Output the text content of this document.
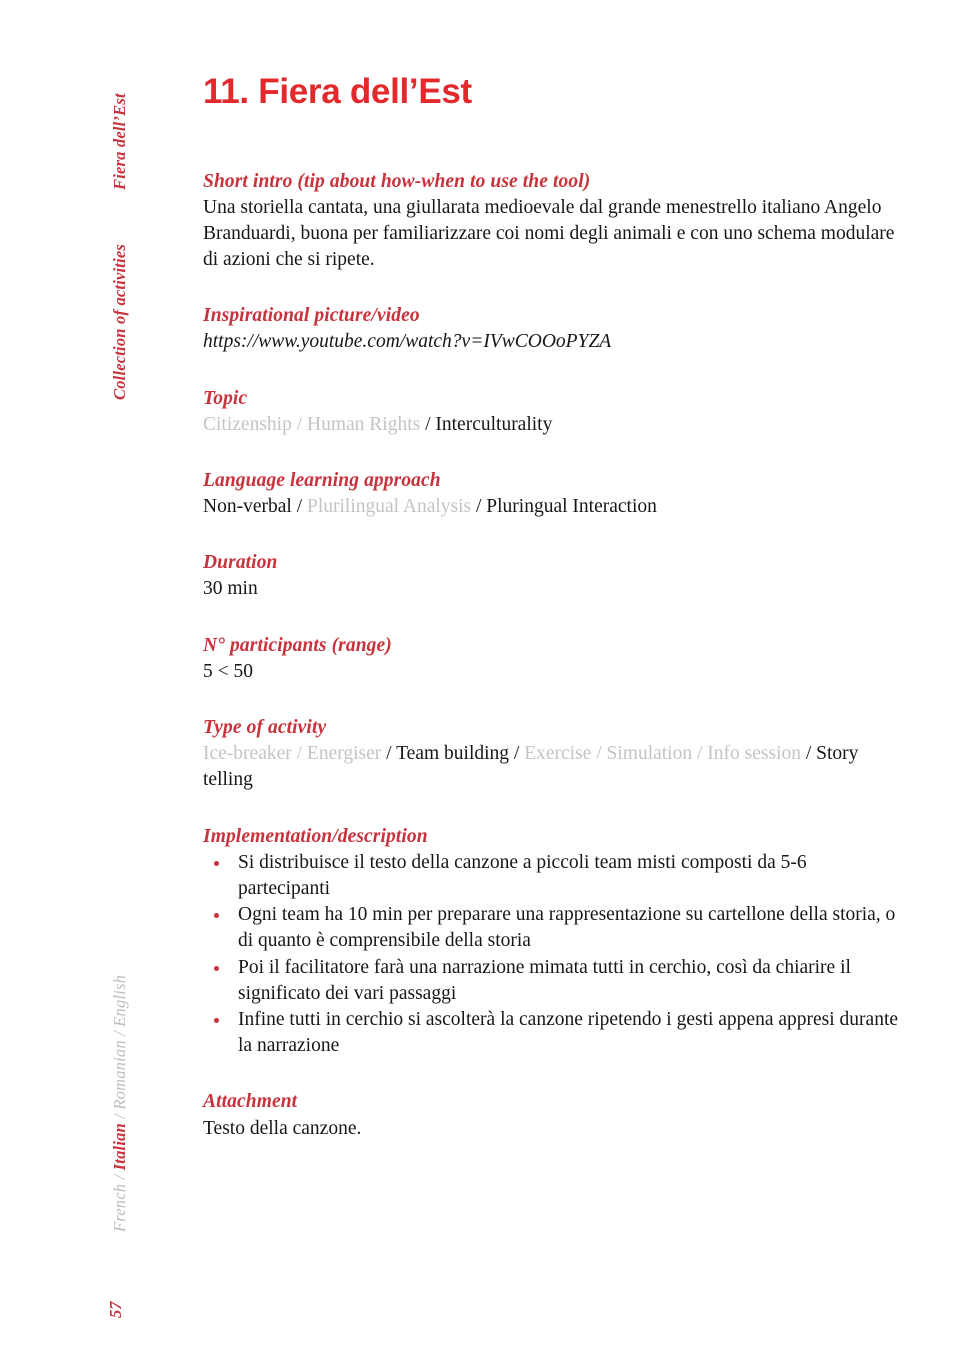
Fiera dell’Est
Collection of activities
French / Italian / Romanian / English
57
11. Fiera dell’Est
Short intro (tip about how-when to use the tool)
Una storiella cantata, una giullarata medioevale dal grande menestrello italiano Angelo Branduardi, buona per familiarizzare coi nomi degli animali e con uno schema modulare di azioni che si ripete.
Inspirational picture/video
https://www.youtube.com/watch?v=IVwCOOoPYZA
Topic
Citizenship / Human Rights / Interculturality
Language learning approach
Non-verbal / Plurilingual Analysis / Pluringual Interaction
Duration
30 min
N° participants (range)
5 < 50
Type of activity
Ice-breaker / Energiser / Team building / Exercise / Simulation / Info session / Story telling
Implementation/description
Si distribuisce il testo della canzone a piccoli team misti composti da 5-6 partecipanti
Ogni team ha 10 min per preparare una rappresentazione su cartellone della storia, o di quanto è comprensibile della storia
Poi il facilitatore farà una narrazione mimata tutti in cerchio, così da chiarire il significato dei vari passaggi
Infine tutti in cerchio si ascolterà la canzone ripetendo i gesti appena appresi durante la narrazione
Attachment
Testo della canzone.
